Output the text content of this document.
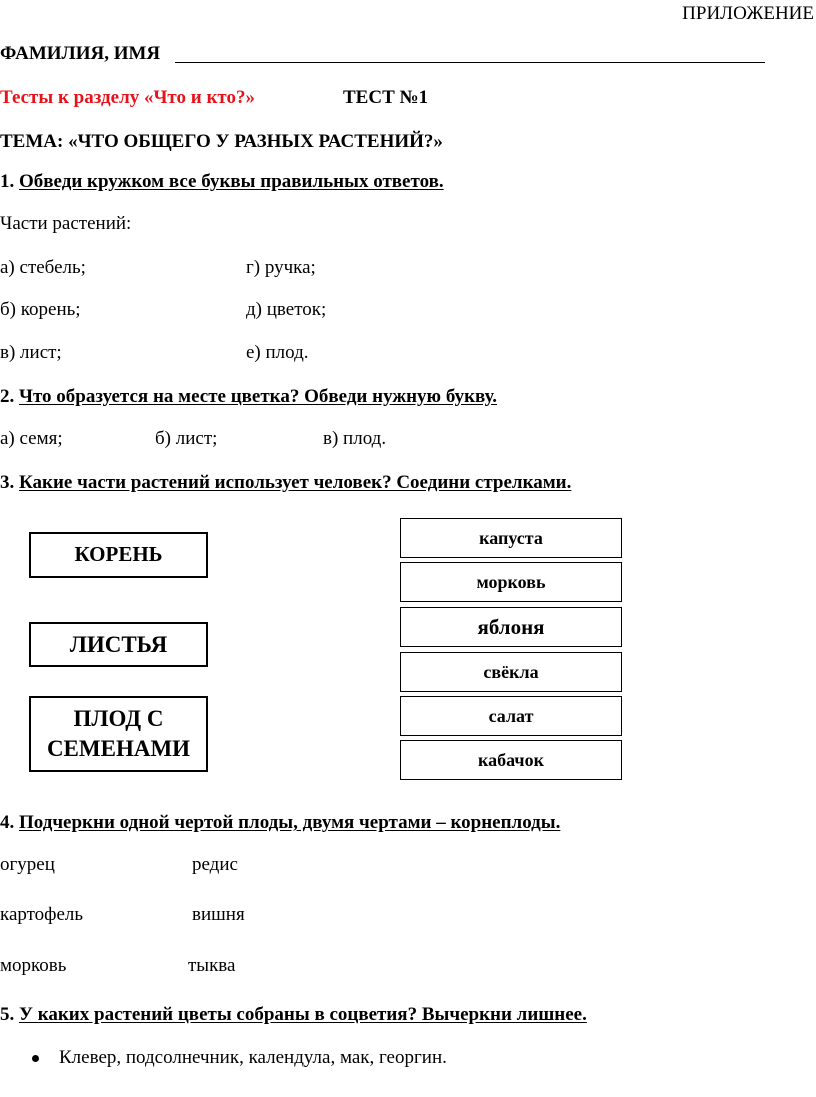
ПРИЛОЖЕНИЕ
ФАМИЛИЯ, ИМЯ
Тесты к разделу «Что и кто?»	ТЕСТ №1
ТЕМА: «ЧТО ОБЩЕГО У РАЗНЫХ РАСТЕНИЙ?»
1. Обведи кружком все буквы правильных ответов.
Части растений:
а) стебель;	г) ручка;
б) корень;	д) цветок;
в) лист;	е) плод.
2. Что образуется на месте цветка? Обведи нужную букву.
а) семя;	б) лист;	в) плод.
3. Какие части растений использует человек? Соедини стрелками.
КОРЕНЬ
ЛИСТЬЯ
ПЛОД С
СЕМЕНАМИ
капуста
морковь
яблоня
свёкла
салат
кабачок
4. Подчеркни одной чертой плоды, двумя чертами – корнеплоды.
огурец	редис
картофель	вишня
морковь	тыква
5. У каких растений цветы собраны в соцветия? Вычеркни лишнее.
Клевер, подсолнечник, календула, мак, георгин.
